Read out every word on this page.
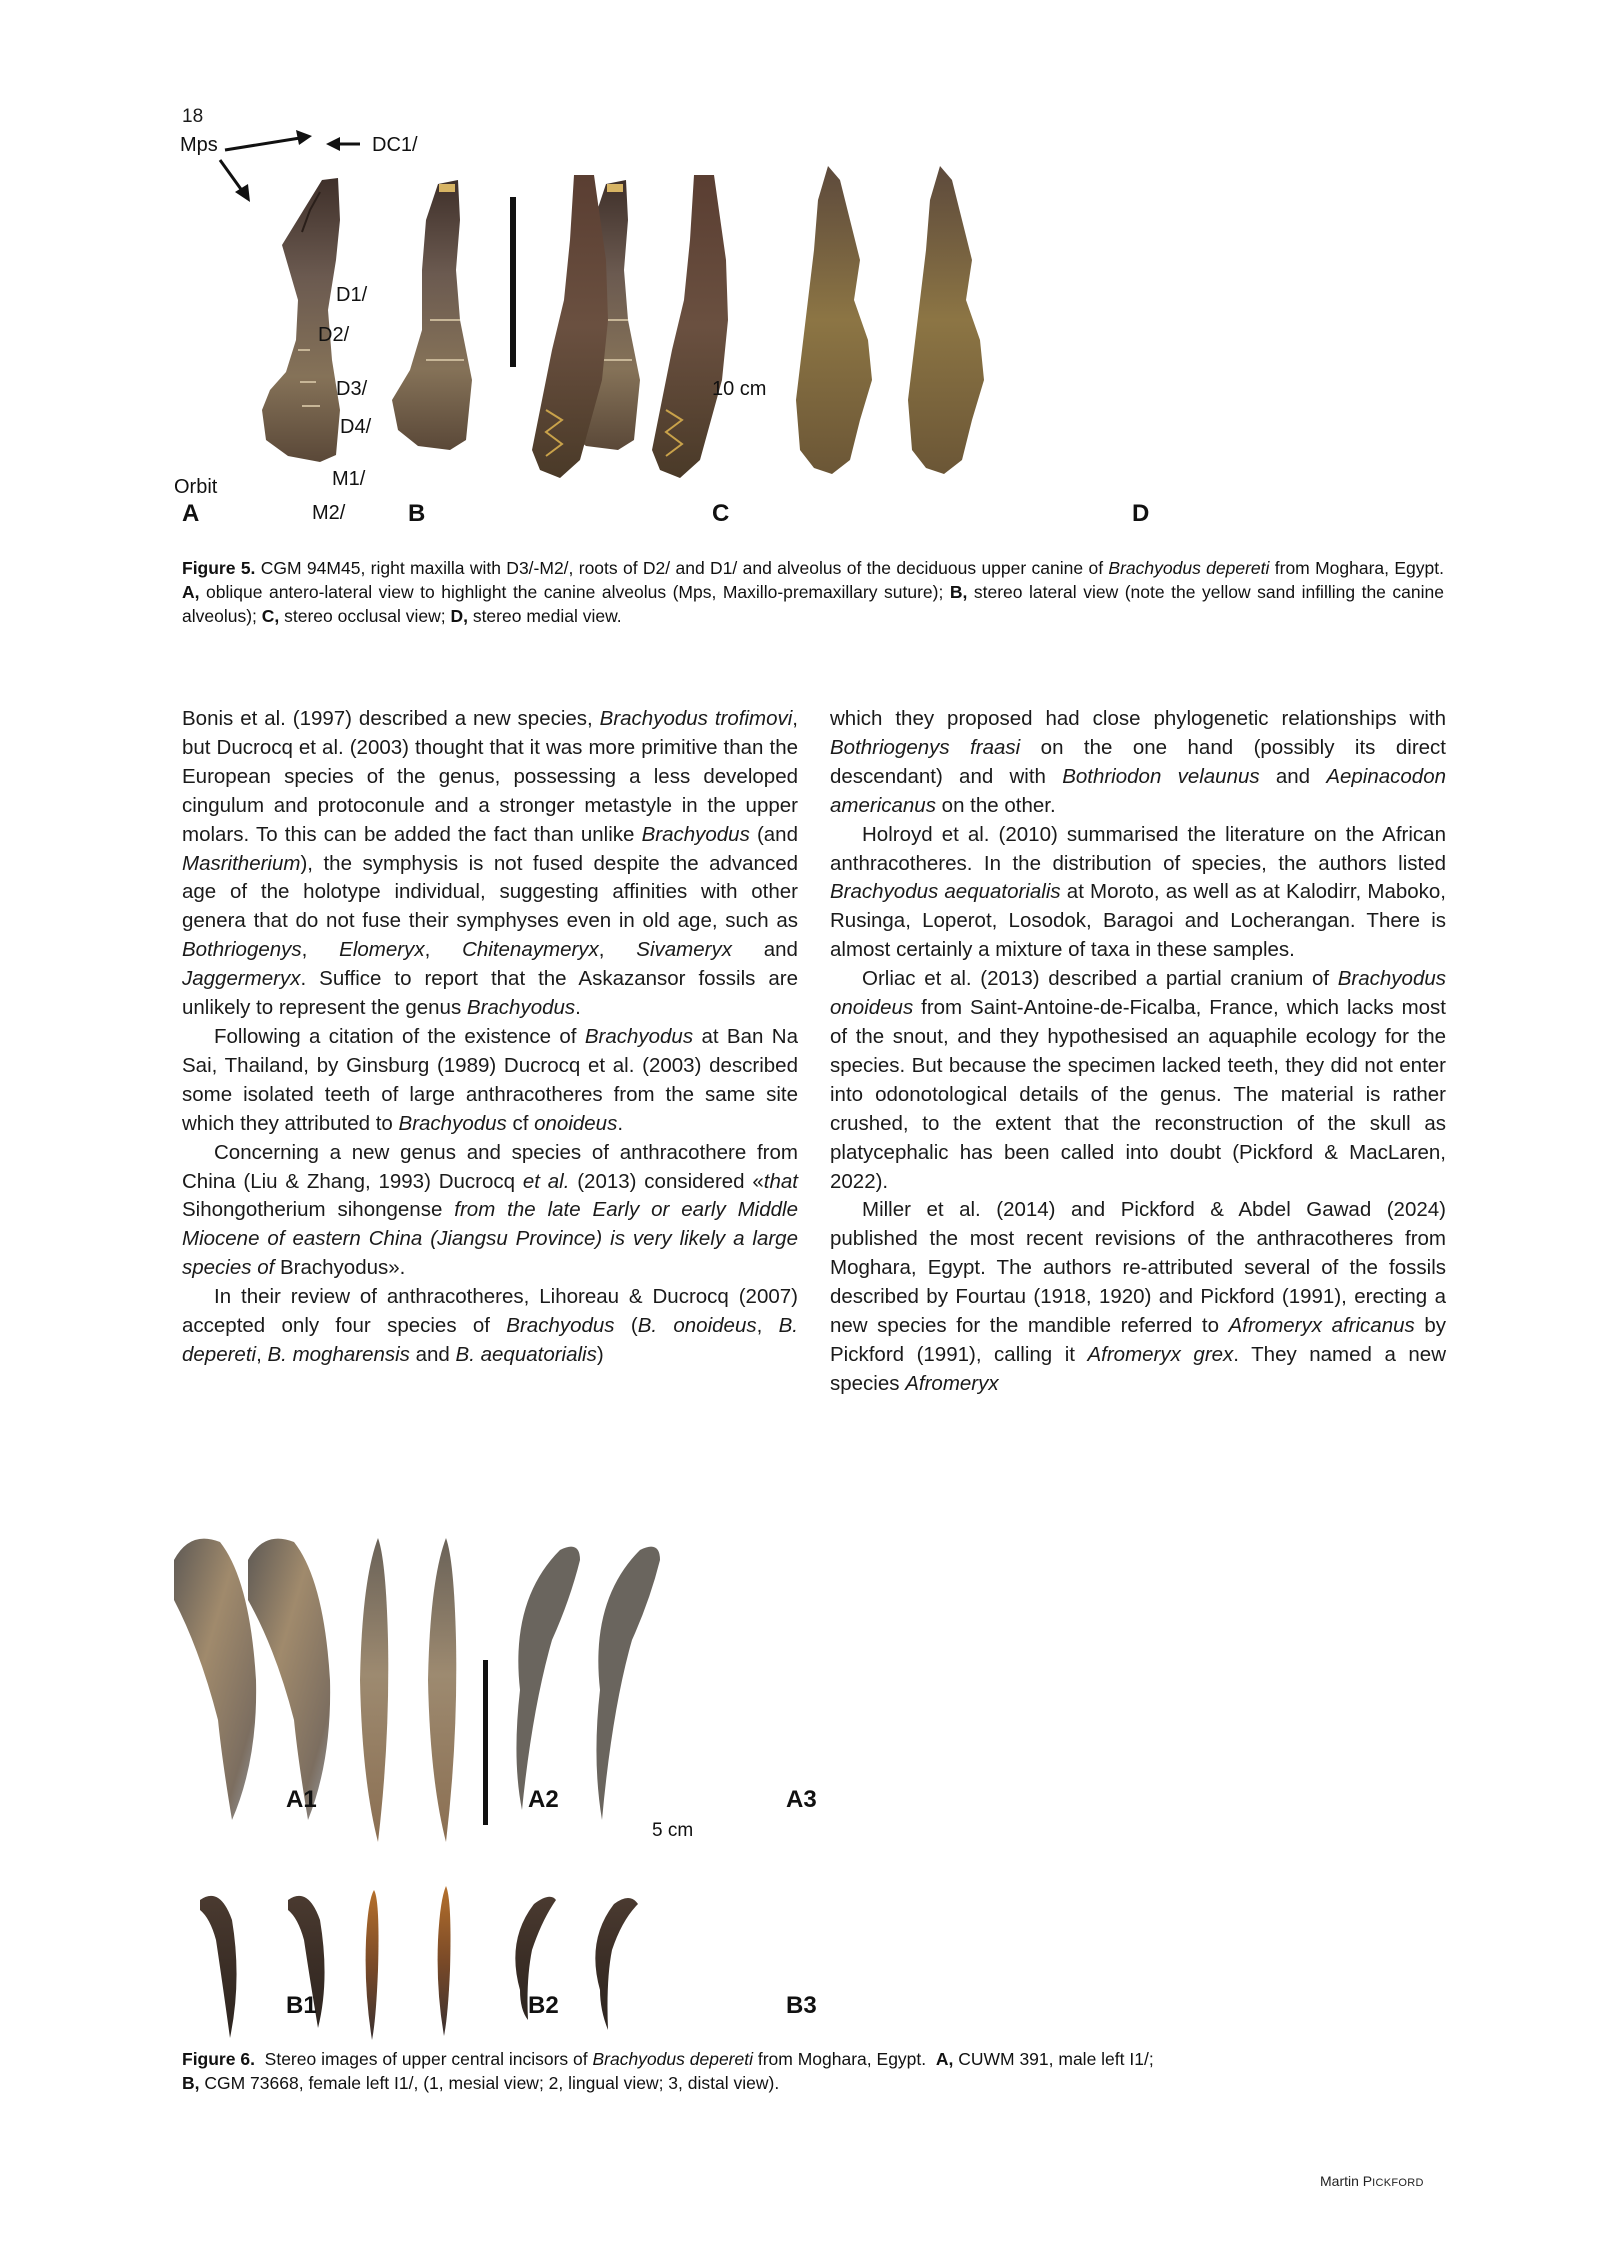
18
Mps	DC1/
D1/
D2/
D3/
D4/
M1/
M2/
Orbit
10 cm
A	B	C	D
Figure 5. CGM 94M45, right maxilla with D3/-M2/, roots of D2/ and D1/ and alveolus of the deciduous upper canine of Brachyodus depereti from Moghara, Egypt. A, oblique antero-lateral view to highlight the canine alveolus (Mps, Maxillo-premaxillary suture); B, stereo lateral view (note the yellow sand infilling the canine alveolus); C, stereo occlusal view; D, stereo medial view.

Bonis et al. (1997) described a new species, Brachyodus trofimovi, but Ducrocq et al. (2003) thought that it was more primitive than the European species of the genus, possessing a less developed cingulum and protoconule and a stronger metastyle in the upper molars. To this can be added the fact than unlike Brachyodus (and Masritherium), the symphysis is not fused despite the advanced age of the holotype individual, suggesting affinities with other genera that do not fuse their symphyses even in old age, such as Bothriogenys, Elomeryx, Chitenaymeryx, Sivameryx and Jaggermeryx. Suffice to report that the Askazansor fossils are unlikely to represent the genus Brachyodus.

Following a citation of the existence of Brachyodus at Ban Na Sai, Thailand, by Ginsburg (1989) Ducrocq et al. (2003) described some isolated teeth of large anthracotheres from the same site which they attributed to Brachyodus cf onoideus.

Concerning a new genus and species of anthracothere from China (Liu & Zhang, 1993) Ducrocq et al. (2013) considered «that Sihongotherium sihongense from the late Early or early Middle Miocene of eastern China (Jiangsu Province) is very likely a large species of Brachyodus».

In their review of anthracotheres, Lihoreau & Ducrocq (2007) accepted only four species of Brachyodus (B. onoideus, B. depereti, B. mogharensis and B. aequatorialis)

which they proposed had close phylogenetic relationships with Bothriogenys fraasi on the one hand (possibly its direct descendant) and with Bothriodon velaunus and Aepinacodon americanus on the other.

Holroyd et al. (2010) summarised the literature on the African anthracotheres. In the distribution of species, the authors listed Brachyodus aequatorialis at Moroto, as well as at Kalodirr, Maboko, Rusinga, Loperot, Losodok, Baragoi and Locherangan. There is almost certainly a mixture of taxa in these samples.

Orliac et al. (2013) described a partial cranium of Brachyodus onoideus from Saint-Antoine-de-Ficalba, France, which lacks most of the snout, and they hypothesised an aquaphile ecology for the species. But because the specimen lacked teeth, they did not enter into odonotological details of the genus. The material is rather crushed, to the extent that the reconstruction of the skull as platycephalic has been called into doubt (Pickford & MacLaren, 2022).

Miller et al. (2014) and Pickford & Abdel Gawad (2024) published the most recent revisions of the anthracotheres from Moghara, Egypt. The authors re-attributed several of the fossils described by Fourtau (1918, 1920) and Pickford (1991), erecting a new species for the mandible referred to Afromeryx africanus by Pickford (1991), calling it Afromeryx grex. They named a new species Afromeryx

A1	A2	A3
5 cm
B1	B2	B3
Figure 6.  Stereo images of upper central incisors of Brachyodus depereti from Moghara, Egypt.  A, CUWM 391, male left I1/;
B, CGM 73668, female left I1/, (1, mesial view; 2, lingual view; 3, distal view).
Martin PICKFORD
